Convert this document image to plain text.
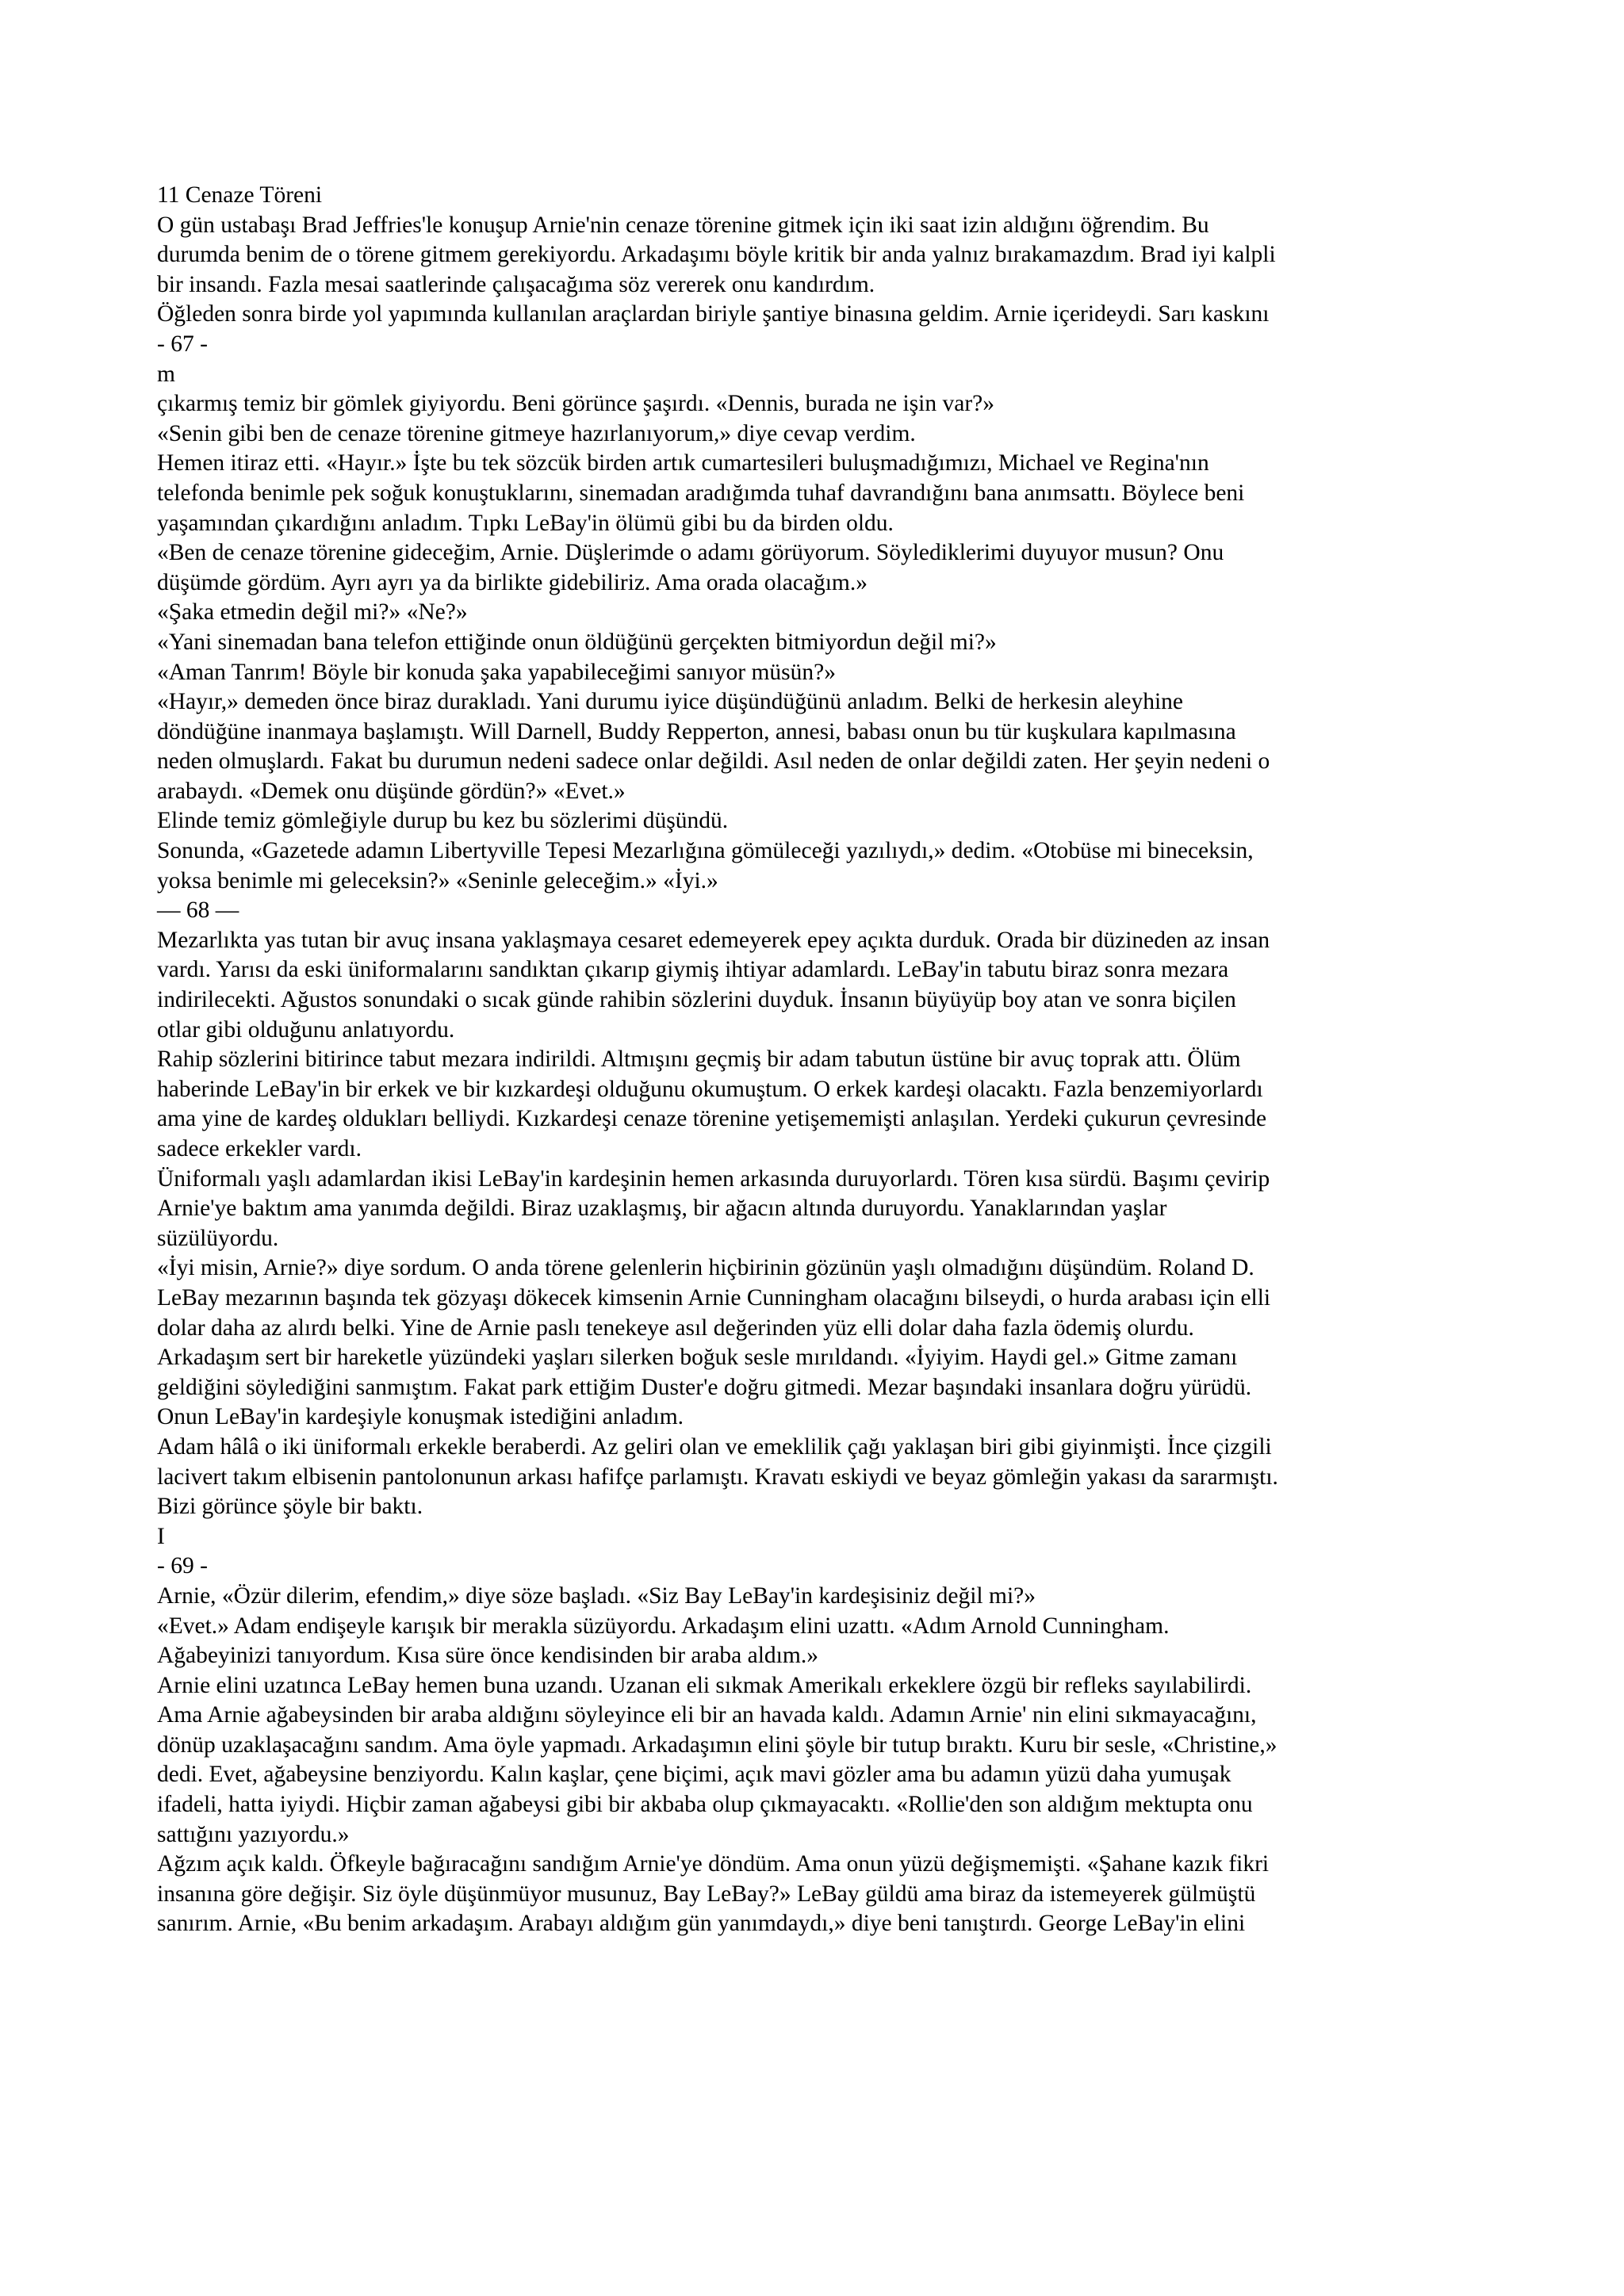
11 Cenaze Töreni
O gün ustabaşı Brad Jeffries'le konuşup Arnie'nin cenaze törenine gitmek için iki saat izin aldığını öğrendim. Bu
durumda benim de o törene gitmem gerekiyordu. Arkadaşımı böyle kritik bir anda yalnız bırakamazdım. Brad iyi kalpli
bir insandı. Fazla mesai saatlerinde çalışacağıma söz vererek onu kandırdım.
Öğleden sonra birde yol yapımında kullanılan araçlardan biriyle şantiye binasına geldim. Arnie içerideydi. Sarı kaskını
- 67 -
m
çıkarmış temiz bir gömlek giyiyordu. Beni görünce şaşırdı. «Dennis, burada ne işin var?»
«Senin gibi ben de cenaze törenine gitmeye hazırlanıyorum,» diye cevap verdim.
Hemen itiraz etti. «Hayır.» İşte bu tek sözcük birden artık cumartesileri buluşmadığımızı, Michael ve Regina'nın
telefonda benimle pek soğuk konuştuklarını, sinemadan aradığımda tuhaf davrandığını bana anımsattı. Böylece beni
yaşamından çıkardığını anladım. Tıpkı LeBay'in ölümü gibi bu da birden oldu.
«Ben de cenaze törenine gideceğim, Arnie. Düşlerimde o adamı görüyorum. Söylediklerimi duyuyor musun? Onu
düşümde gördüm. Ayrı ayrı ya da birlikte gidebiliriz. Ama orada olacağım.»
«Şaka etmedin değil mi?» «Ne?»
«Yani sinemadan bana telefon ettiğinde onun öldüğünü gerçekten bitmiyordun değil mi?»
«Aman Tanrım! Böyle bir konuda şaka yapabileceğimi sanıyor müsün?»
«Hayır,» demeden önce biraz durakladı. Yani durumu iyice düşündüğünü anladım. Belki de herkesin aleyhine
döndüğüne inanmaya başlamıştı. Will Darnell, Buddy Repperton, annesi, babası onun bu tür kuşkulara kapılmasına
neden olmuşlardı. Fakat bu durumun nedeni sadece onlar değildi. Asıl neden de onlar değildi zaten. Her şeyin nedeni o
arabaydı. «Demek onu düşünde gördün?» «Evet.»
Elinde temiz gömleğiyle durup bu kez bu sözlerimi düşündü.
Sonunda, «Gazetede adamın Libertyville Tepesi Mezarlığına gömüleceği yazılıydı,» dedim. «Otobüse mi bineceksin,
yoksa benimle mi geleceksin?» «Seninle geleceğim.» «İyi.»
— 68 —
Mezarlıkta yas tutan bir avuç insana yaklaşmaya cesaret edemeyerek epey açıkta durduk. Orada bir düzineden az insan
vardı. Yarısı da eski üniformalarını sandıktan çıkarıp giymiş ihtiyar adamlardı. LeBay'in tabutu biraz sonra mezara
indirilecekti. Ağustos sonundaki o sıcak günde rahibin sözlerini duyduk. İnsanın büyüyüp boy atan ve sonra biçilen
otlar gibi olduğunu anlatıyordu.
Rahip sözlerini bitirince tabut mezara indirildi. Altmışını geçmiş bir adam tabutun üstüne bir avuç toprak attı. Ölüm
haberinde LeBay'in bir erkek ve bir kızkardeşi olduğunu okumuştum. O erkek kardeşi olacaktı. Fazla benzemiyorlardı
ama yine de kardeş oldukları belliydi. Kızkardeşi cenaze törenine yetişememişti anlaşılan. Yerdeki çukurun çevresinde
sadece erkekler vardı.
Üniformalı yaşlı adamlardan ikisi LeBay'in kardeşinin hemen arkasında duruyorlardı. Tören kısa sürdü. Başımı çevirip
Arnie'ye baktım ama yanımda değildi. Biraz uzaklaşmış, bir ağacın altında duruyordu. Yanaklarından yaşlar
süzülüyordu.
«İyi misin, Arnie?» diye sordum. O anda törene gelenlerin hiçbirinin gözünün yaşlı olmadığını düşündüm. Roland D.
LeBay mezarının başında tek gözyaşı dökecek kimsenin Arnie Cunningham olacağını bilseydi, o hurda arabası için elli
dolar daha az alırdı belki. Yine de Arnie paslı tenekeye asıl değerinden yüz elli dolar daha fazla ödemiş olurdu.
Arkadaşım sert bir hareketle yüzündeki yaşları silerken boğuk sesle mırıldandı. «İyiyim. Haydi gel.» Gitme zamanı
geldiğini söylediğini sanmıştım. Fakat park ettiğim Duster'e doğru gitmedi. Mezar başındaki insanlara doğru yürüdü.
Onun LeBay'in kardeşiyle konuşmak istediğini anladım.
Adam hâlâ o iki üniformalı erkekle beraberdi. Az geliri olan ve emeklilik çağı yaklaşan biri gibi giyinmişti. İnce çizgili
lacivert takım elbisenin pantolonunun arkası hafifçe parlamıştı. Kravatı eskiydi ve beyaz gömleğin yakası da sararmıştı.
Bizi görünce şöyle bir baktı.
I
- 69 -
Arnie, «Özür dilerim, efendim,» diye söze başladı. «Siz Bay LeBay'in kardeşisiniz değil mi?»
«Evet.» Adam endişeyle karışık bir merakla süzüyordu. Arkadaşım elini uzattı. «Adım Arnold Cunningham.
Ağabeyinizi tanıyordum. Kısa süre önce kendisinden bir araba aldım.»
Arnie elini uzatınca LeBay hemen buna uzandı. Uzanan eli sıkmak Amerikalı erkeklere özgü bir refleks sayılabilirdi.
Ama Arnie ağabeysinden bir araba aldığını söyleyince eli bir an havada kaldı. Adamın Arnie' nin elini sıkmayacağını,
dönüp uzaklaşacağını sandım. Ama öyle yapmadı. Arkadaşımın elini şöyle bir tutup bıraktı. Kuru bir sesle, «Christine,»
dedi. Evet, ağabeysine benziyordu. Kalın kaşlar, çene biçimi, açık mavi gözler ama bu adamın yüzü daha yumuşak
ifadeli, hatta iyiydi. Hiçbir zaman ağabeysi gibi bir akbaba olup çıkmayacaktı. «Rollie'den son aldığım mektupta onu
sattığını yazıyordu.»
Ağzım açık kaldı. Öfkeyle bağıracağını sandığım Arnie'ye döndüm. Ama onun yüzü değişmemişti. «Şahane kazık fikri
insanına göre değişir. Siz öyle düşünmüyor musunuz, Bay LeBay?» LeBay güldü ama biraz da istemeyerek gülmüştü
sanırım. Arnie, «Bu benim arkadaşım. Arabayı aldığım gün yanımdaydı,» diye beni tanıştırdı. George LeBay'in elini
